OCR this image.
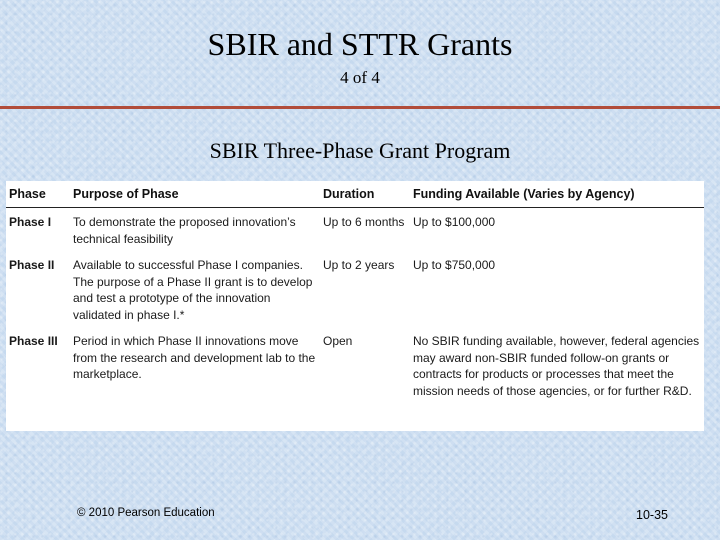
SBIR and STTR Grants
4 of 4
SBIR Three-Phase Grant Program
Phase	Purpose of Phase	Duration	Funding Available (Varies by Agency)
Phase I	To demonstrate the proposed innovation’s technical feasibility	Up to 6 months	Up to $100,000
Phase II	Available to successful Phase I companies. The purpose of a Phase II grant is to develop and test a prototype of the innovation validated in phase I.*	Up to 2 years	Up to $750,000
Phase III	Period in which Phase II innovations move from the research and development lab to the marketplace.	Open	No SBIR funding available, however, federal agencies may award non-SBIR funded follow-on grants or contracts for products or processes that meet the mission needs of those agencies, or for further R&D.
© 2010 Pearson Education	10-35
